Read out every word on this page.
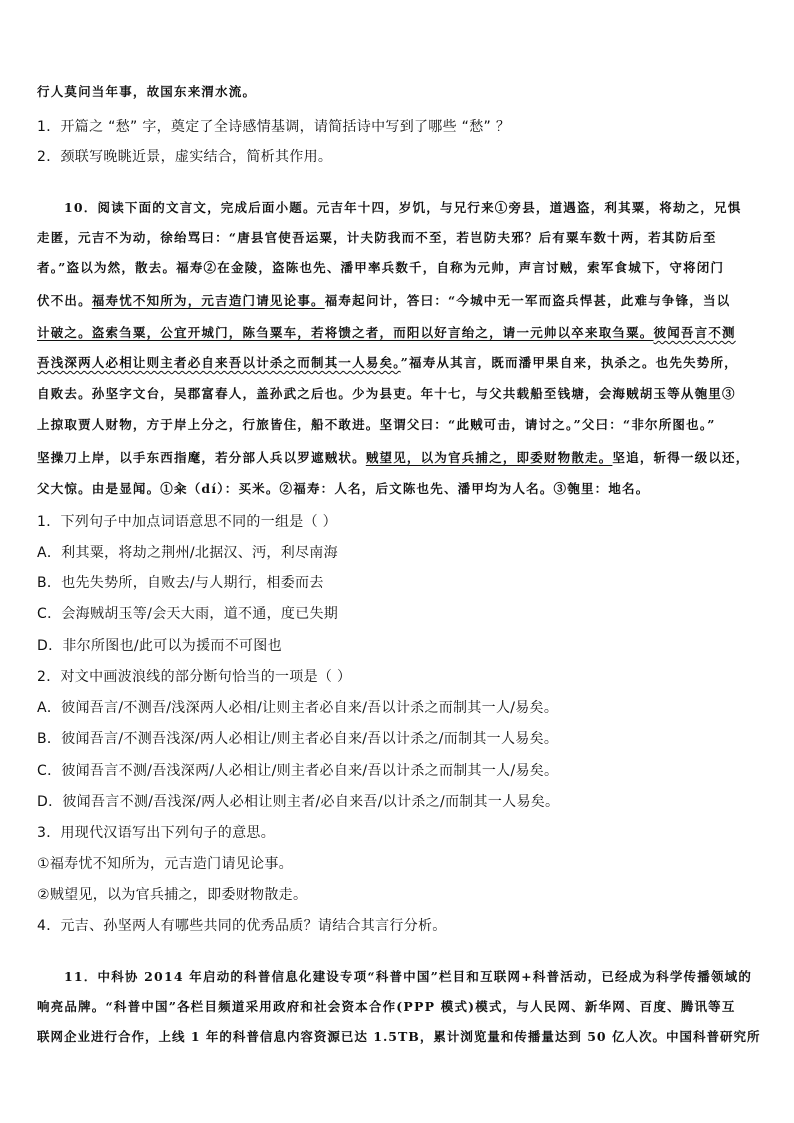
行人莫问当年事，故国东来渭水流。
1．开篇之 “愁” 字，奠定了全诗感情基调，请简括诗中写到了哪些 “愁” ？
2．颈联写晚眺近景，虚实结合，简析其作用。
10．阅读下面的文言文，完成后面小题。元吉年十四，岁饥，与兄行来①旁县，道遇盗，利其粟，将劫之，兄惧
走匿，元吉不为动，徐绐骂曰：“唐县官使吾运粟，计夫防我而不至，若岂防夫邪？后有粟车数十两，若其防后至
者。”盗以为然，散去。福寿②在金陵，盗陈也先、潘甲率兵数千，自称为元帅，声言讨贼，索军食城下，守将闭门
伏不出。福寿忧不知所为，元吉造门请见论事。福寿起问计，答曰：“今城中无一军而盗兵悍甚，此难与争锋，当以
计破之。盗索刍粟，公宜开城门，陈刍粟车，若将馈之者，而阳以好言绐之，请一元帅以卒来取刍粟。彼闻吾言不测
吾浅深两人必相让则主者必自来吾以计杀之而制其一人易矣。”福寿从其言，既而潘甲果自来，执杀之。也先失势所，
自败去。孙坚字文台，吴郡富春人，盖孙武之后也。少为县吏。年十七，与父共载船至钱塘，会海贼胡玉等从匏里③
上掠取贾人财物，方于岸上分之，行旅皆住，船不敢进。坚谓父曰：“此贼可击，请讨之。”父曰：“非尔所图也。”
坚操刀上岸，以手东西指麾，若分部人兵以罗遮贼状。贼望见，以为官兵捕之，即委财物散走。坚追，斩得一级以还，
父大惊。由是显闻。①籴（dí）：买米。②福寿：人名，后文陈也先、潘甲均为人名。③匏里：地名。
1．下列句子中加点词语意思不同的一组是（ ）
A．利其粟，将劫之荆州/北据汉、沔，利尽南海
B．也先失势所，自败去/与人期行，相委而去
C．会海贼胡玉等/会天大雨，道不通，度已失期
D．非尔所图也/此可以为援而不可图也
2．对文中画波浪线的部分断句恰当的一项是（ ）
A．彼闻吾言/不测吾/浅深两人必相/让则主者必自来/吾以计杀之而制其一人/易矣。
B．彼闻吾言/不测吾浅深/两人必相让/则主者必自来/吾以计杀之/而制其一人易矣。
C．彼闻吾言不测/吾浅深两/人必相让/则主者必自来/吾以计杀之而制其一人/易矣。
D．彼闻吾言不测/吾浅深/两人必相让则主者/必自来吾/以计杀之/而制其一人易矣。
3．用现代汉语写出下列句子的意思。
①福寿忧不知所为，元吉造门请见论事。
②贼望见，以为官兵捕之，即委财物散走。
4．元吉、孙坚两人有哪些共同的优秀品质？请结合其言行分析。
11．中科协 2014 年启动的科普信息化建设专项“科普中国”栏目和互联网+科普活动，已经成为科学传播领域的
响亮品牌。“科普中国”各栏目频道采用政府和社会资本合作(PPP 模式)模式，与人民网、新华网、百度、腾讯等互
联网企业进行合作，上线 1 年的科普信息内容资源已达 1.5TB，累计浏览量和传播量达到 50 亿人次。中国科普研究所
